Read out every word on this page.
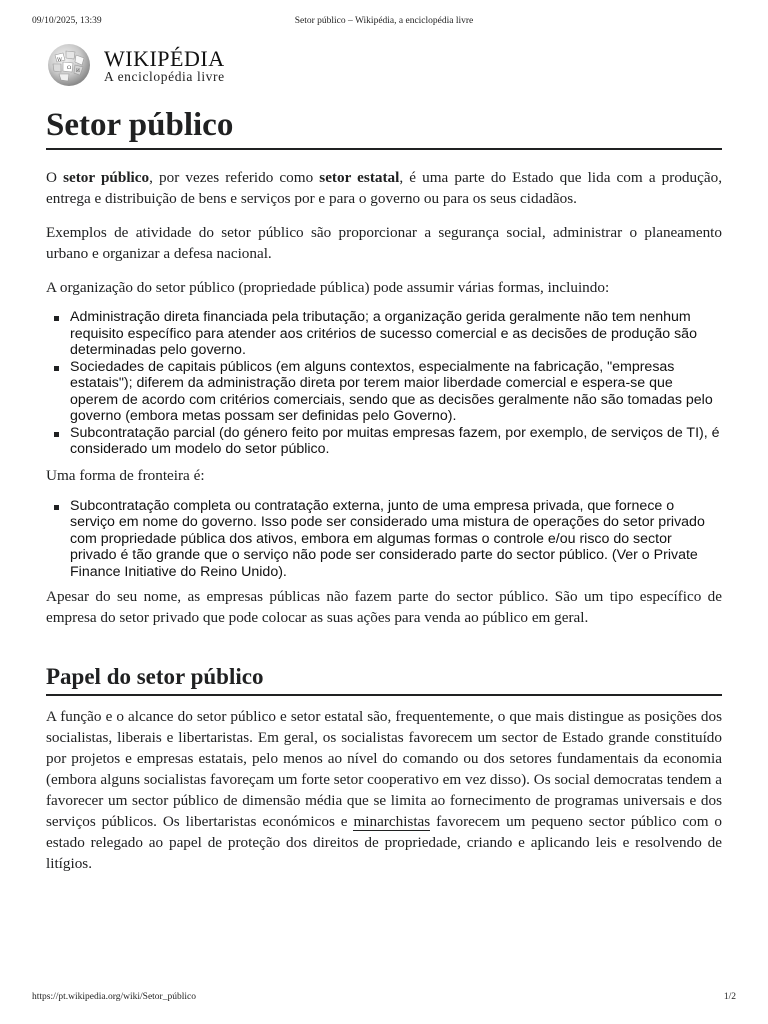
09/10/2025, 13:39	Setor público – Wikipédia, a enciclopédia livre
W
Ω
И
WIKIPÉDIA
A enciclopédia livre
Setor público

O setor público, por vezes referido como setor estatal, é uma parte do Estado que lida com a produção, entrega e distribuição de bens e serviços por e para o governo ou para os seus cidadãos.

Exemplos de atividade do setor público são proporcionar a segurança social, administrar o planeamento urbano e organizar a defesa nacional.

A organização do setor público (propriedade pública) pode assumir várias formas, incluindo:

Administração direta financiada pela tributação; a organização gerida geralmente não tem nenhum requisito específico para atender aos critérios de sucesso comercial e as decisões de produção são determinadas pelo governo.
Sociedades de capitais públicos (em alguns contextos, especialmente na fabricação, "empresas estatais"); diferem da administração direta por terem maior liberdade comercial e espera-se que operem de acordo com critérios comerciais, sendo que as decisões geralmente não são tomadas pelo governo (embora metas possam ser definidas pelo Governo).
Subcontratação parcial (do género feito por muitas empresas fazem, por exemplo, de serviços de TI), é considerado um modelo do setor público.

Uma forma de fronteira é:

Subcontratação completa ou contratação externa, junto de uma empresa privada, que fornece o serviço em nome do governo. Isso pode ser considerado uma mistura de operações do setor privado com propriedade pública dos ativos, embora em algumas formas o controle e/ou risco do sector privado é tão grande que o serviço não pode ser considerado parte do sector público. (Ver o Private Finance Initiative do Reino Unido).

Apesar do seu nome, as empresas públicas não fazem parte do sector público. São um tipo específico de empresa do setor privado que pode colocar as suas ações para venda ao público em geral.

Papel do setor público

A função e o alcance do setor público e setor estatal são, frequentemente, o que mais distingue as posições dos socialistas, liberais e libertaristas. Em geral, os socialistas favorecem um sector de Estado grande constituído por projetos e empresas estatais, pelo menos ao nível do comando ou dos setores fundamentais da economia (embora alguns socialistas favoreçam um forte setor cooperativo em vez disso). Os social democratas tendem a favorecer um sector público de dimensão média que se limita ao fornecimento de programas universais e dos serviços públicos. Os libertaristas económicos e minarchistas favorecem um pequeno sector público com o estado relegado ao papel de proteção dos direitos de propriedade, criando e aplicando leis e resolvendo de litígios.

https://pt.wikipedia.org/wiki/Setor_público	1/2
